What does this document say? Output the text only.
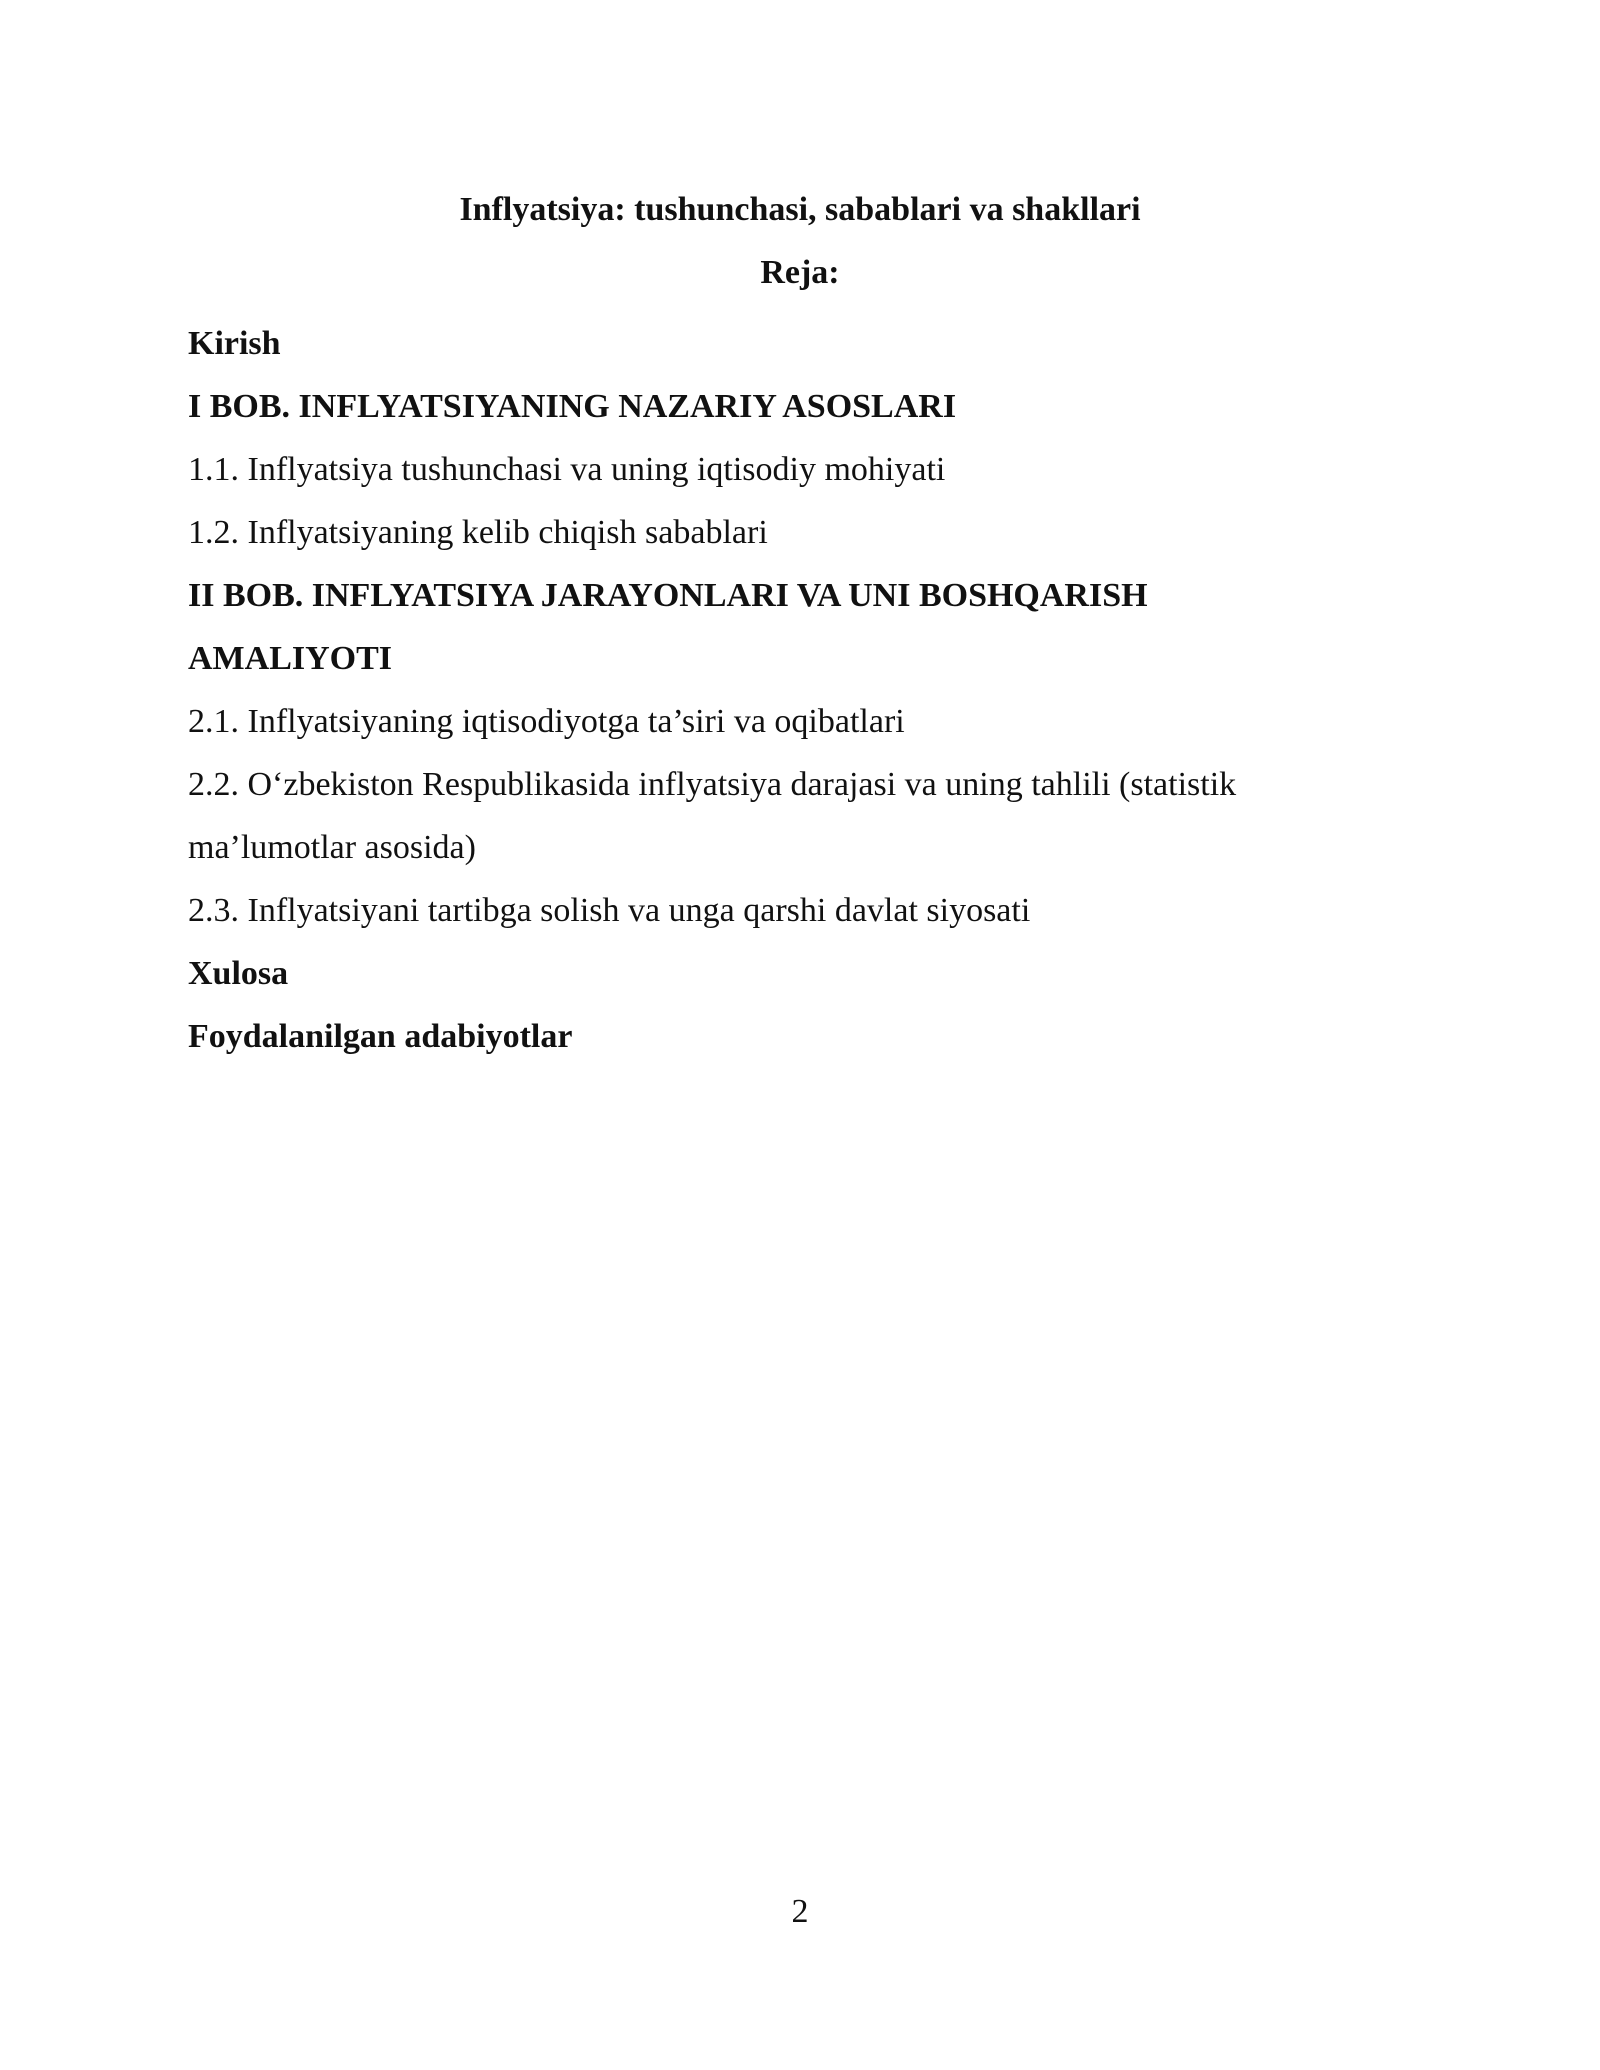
Inflyatsiya: tushunchasi, sabablari va shakllari
Reja:
Kirish
I BOB. INFLYATSIYANING NAZARIY ASOSLARI
1.1. Inflyatsiya tushunchasi va uning iqtisodiy mohiyati
1.2. Inflyatsiyaning kelib chiqish sabablari
II BOB. INFLYATSIYA JARAYONLARI VA UNI BOSHQARISH
AMALIYOTI
2.1. Inflyatsiyaning iqtisodiyotga ta’siri va oqibatlari
2.2. O‘zbekiston Respublikasida inflyatsiya darajasi va uning tahlili (statistik
ma’lumotlar asosida)
2.3. Inflyatsiyani tartibga solish va unga qarshi davlat siyosati
Xulosa
Foydalanilgan adabiyotlar
2
